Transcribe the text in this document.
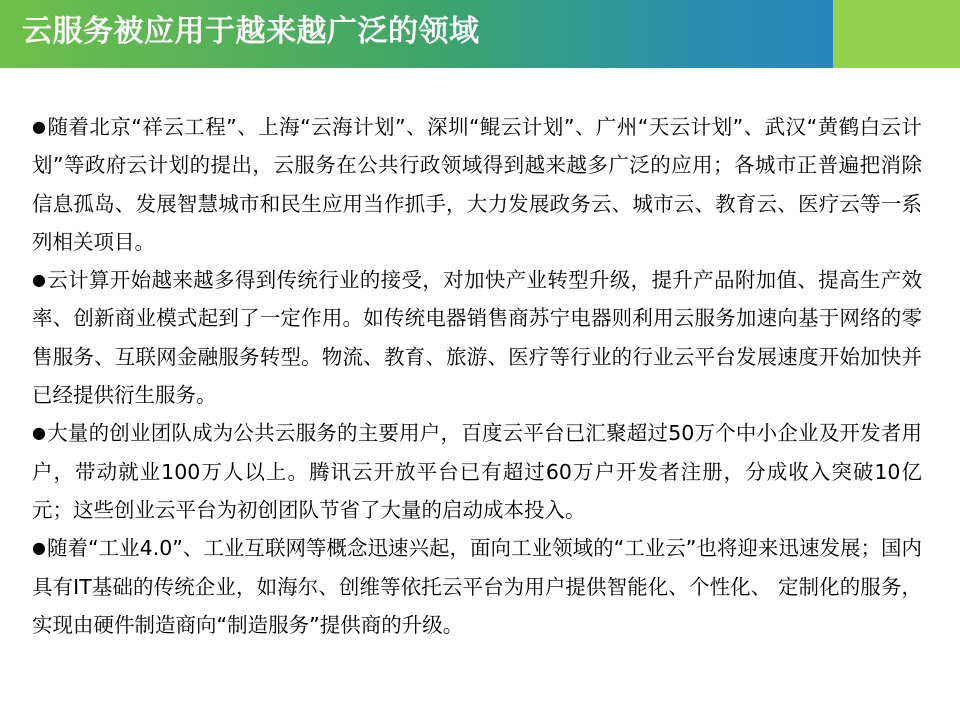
云服务被应用于越来越广泛的领域

●随着北京“祥云工程”、上海“云海计划”、深圳“鲲云计划”、广州“天云计划”、武汉“黄鹤白云计划”等政府云计划的提出，云服务在公共行政领域得到越来越多广泛的应用；各城市正普遍把消除信息孤岛、发展智慧城市和民生应用当作抓手，大力发展政务云、城市云、教育云、医疗云等一系列相关项目。

●云计算开始越来越多得到传统行业的接受，对加快产业转型升级，提升产品附加值、提高生产效率、创新商业模式起到了一定作用。如传统电器销售商苏宁电器则利用云服务加速向基于网络的零售服务、互联网金融服务转型。物流、教育、旅游、医疗等行业的行业云平台发展速度开始加快并已经提供衍生服务。

●大量的创业团队成为公共云服务的主要用户，百度云平台已汇聚超过50万个中小企业及开发者用户，带动就业100万人以上。腾讯云开放平台已有超过60万户开发者注册，分成收入突破10亿元；这些创业云平台为初创团队节省了大量的启动成本投入。

●随着“工业4.0”、工业互联网等概念迅速兴起，面向工业领域的“工业云”也将迎来迅速发展；国内具有IT基础的传统企业，如海尔、创维等依托云平台为用户提供智能化、个性化、 定制化的服务，实现由硬件制造商向“制造服务”提供商的升级。
